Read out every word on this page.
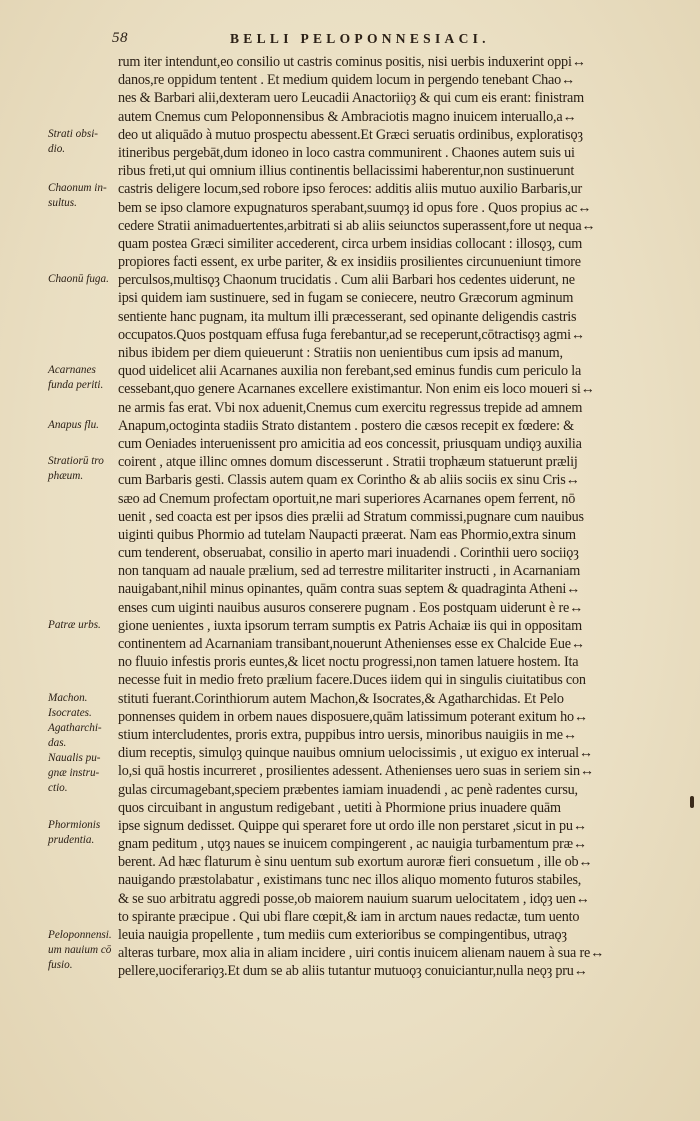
58	BELLI PELOPONNESIACI.
rum iter intendunt,eo consilio ut castris cominus positis, nisi uerbis induxerint oppi↔
danos,re oppidum tentent . Et medium quidem locum in pergendo tenebant Chao↔
nes & Barbari alii,dexteram uero Leucadii Anactoriiǫȝ & qui cum eis erant: finistram
autem Cnemus cum Peloponnensibus & Ambraciotis magno inuicem interuallo,a↔
deo ut aliquādo à mutuo prospectu abessent.Et Græci seruatis ordinibus, exploratisǫȝ
itineribus pergebāt,dum idoneo in loco castra communirent . Chaones autem suis ui
ribus freti,ut qui omnium illius continentis bellacissimi haberentur,non sustinuerunt
castris deligere locum,sed robore ipso feroces: additis aliis mutuo auxilio Barbaris,ur
bem se ipso clamore expugnaturos sperabant,suumǫȝ id opus fore . Quos propius ac↔
cedere Stratii animaduertentes,arbitrati si ab aliis seiunctos superassent,fore ut nequa↔
quam postea Græci similiter accederent, circa urbem insidias collocant : illosǫȝ, cum
propiores facti essent, ex urbe pariter, & ex insidiis prosilientes circunueniunt timore
perculsos,multisǫȝ Chaonum trucidatis . Cum alii Barbari hos cedentes uiderunt, ne
ipsi quidem iam sustinuere, sed in fugam se coniecere, neutro Græcorum agminum
sentiente hanc pugnam, ita multum illi præcesserant, sed opinante deligendis castris
occupatos.Quos postquam effusa fuga ferebantur,ad se receperunt,cōtractisǫȝ agmi↔
nibus ibidem per diem quieuerunt : Stratiis non uenientibus cum ipsis ad manum,
quod uidelicet alii Acarnanes auxilia non ferebant,sed eminus fundis cum periculo la
cessebant,quo genere Acarnanes excellere existimantur. Non enim eis loco moueri si↔
ne armis fas erat. Vbi nox aduenit,Cnemus cum exercitu regressus trepide ad amnem
Anapum,octoginta stadiis Strato distantem . postero die cæsos recepit ex fœdere: &
cum Oeniades interuenissent pro amicitia ad eos concessit, priusquam undiǫȝ auxilia
coirent , atque illinc omnes domum discesserunt . Stratii trophæum statuerunt prælij
cum Barbaris gesti. Classis autem quam ex Corintho & ab aliis sociis ex sinu Cris↔
sæo ad Cnemum profectam oportuit,ne mari superiores Acarnanes opem ferrent, nō
uenit , sed coacta est per ipsos dies prælii ad Stratum commissi,pugnare cum nauibus
uiginti quibus Phormio ad tutelam Naupacti præerat. Nam eas Phormio,extra sinum
cum tenderent, obseruabat, consilio in aperto mari inuadendi . Corinthii uero sociiǫȝ
non tanquam ad nauale prælium, sed ad terrestre militariter instructi , in Acarnaniam
nauigabant,nihil minus opinantes, quām contra suas septem & quadraginta Atheni↔
enses cum uiginti nauibus ausuros conserere pugnam . Eos postquam uiderunt è re↔
gione uenientes , iuxta ipsorum terram sumptis ex Patris Achaiæ iis qui in oppositam
continentem ad Acarnaniam transibant,nouerunt Athenienses esse ex Chalcide Eue↔
no fluuio infestis proris euntes,& licet noctu progressi,non tamen latuere hostem. Ita
necesse fuit in medio freto prælium facere.Duces iidem qui in singulis ciuitatibus con
stituti fuerant.Corinthiorum autem Machon,& Isocrates,& Agatharchidas. Et Pelo
ponnenses quidem in orbem naues disposuere,quām latissimum poterant exitum ho↔
stium intercludentes, proris extra, puppibus intro uersis, minoribus nauigiis in me↔
dium receptis, simulǫȝ quinque nauibus omnium uelocissimis , ut exiguo ex interual↔
lo,si quā hostis incurreret , prosilientes adessent. Athenienses uero suas in seriem sin↔
gulas circumagebant,speciem præbentes iamiam inuadendi , ac penè radentes cursu,
quos circuibant in angustum redigebant , uetiti à Phormione prius inuadere quām
ipse signum dedisset. Quippe qui speraret fore ut ordo ille non perstaret ,sicut in pu↔
gnam peditum , utǫȝ naues se inuicem compingerent , ac nauigia turbamentum præ↔
berent. Ad hæc flaturum è sinu uentum sub exortum auroræ fieri consuetum , ille ob↔
nauigando præstolabatur , existimans tunc nec illos aliquo momento futuros stabiles,
& se suo arbitratu aggredi posse,ob maiorem nauium suarum uelocitatem , idǫȝ uen↔
to spirante præcipue . Qui ubi flare cœpit,& iam in arctum naues redactæ, tum uento
leuia nauigia propellente , tum mediis cum exterioribus se compingentibus, utraǫȝ
alteras turbare, mox alia in aliam incidere , uiri contis inuicem alienam nauem à sua re↔
pellere,uociferariǫȝ.Et dum se ab aliis tutantur mutuoǫȝ conuiciantur,nulla neǫȝ pru↔
Strati obsi-
dio.
Chaonum in-
sultus.
Chaonū fuga.
Acarnanes
funda periti.
Anapus flu.
Stratiorū tro
phæum.
Patræ urbs.
Machon.
Isocrates.
Agatharchi-
das.
Naualis pu-
gnæ instru-
ctio.
Phormionis
prudentia.
Peloponnensi.
um nauium cō
fusio.
